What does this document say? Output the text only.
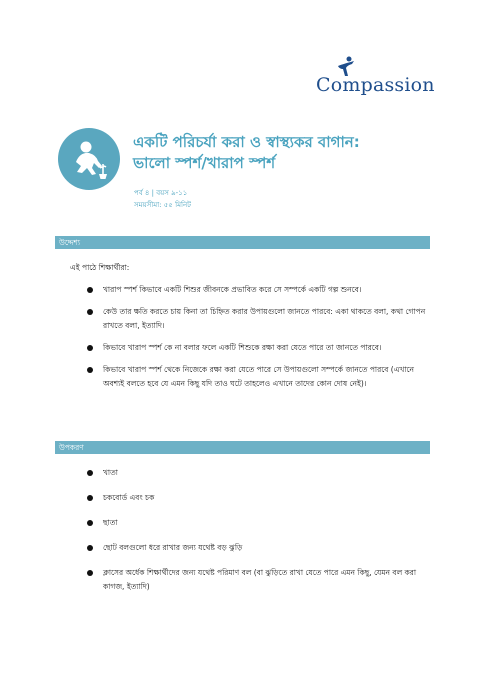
Compassion
একটি পরিচর্যা করা ও স্বাস্থ্যকর বাগান:
ভালো স্পর্শ/খারাপ স্পর্শ
পর্ব ৪ | বয়স ৯-১১
সময়সীমা: ৫৫ মিনিট
উদ্দেশ্য
এই পাঠে শিক্ষার্থীরা:
খারাপ স্পর্শ কিভাবে একটি শিশুর জীবনকে প্রভাবিত করে সে সম্পর্কে একটি গল্প শুনবে।
কেউ তার ক্ষতি করতে চায় কিনা তা চিহ্নিত করার উপায়গুলো জানতে পারবে: একা থাকতে বলা, কথা গোপন রাখতে বলা, ইত্যাদি।
কিভাবে খারাপ স্পর্শ কে না বলার ফলে একটি শিশুকে রক্ষা করা যেতে পারে তা জানতে পারবে।
কিভাবে খারাপ স্পর্শ থেকে নিজেকে রক্ষা করা যেতে পারে সে উপায়গুলো সম্পর্কে জানতে পারবে (এখানে অবশ্যই বলতে হবে যে এমন কিছু যদি তাও ঘটে তাহলেও এখানে তাদের কোন দোষ নেই)।
উপকরণ
খাতা
চকবোর্ড এবং চক
ছাতা
ছোট বলগুলো ধরে রাখার জন্য যথেষ্ট বড় ঝুড়ি
ক্লাসের অর্ধেক শিক্ষার্থীদের জন্য যথেষ্ট পরিমাণ বল (বা ঝুড়িতে রাখা যেতে পারে এমন কিছু, যেমন বল করা কাগজ, ইত্যাদি)
